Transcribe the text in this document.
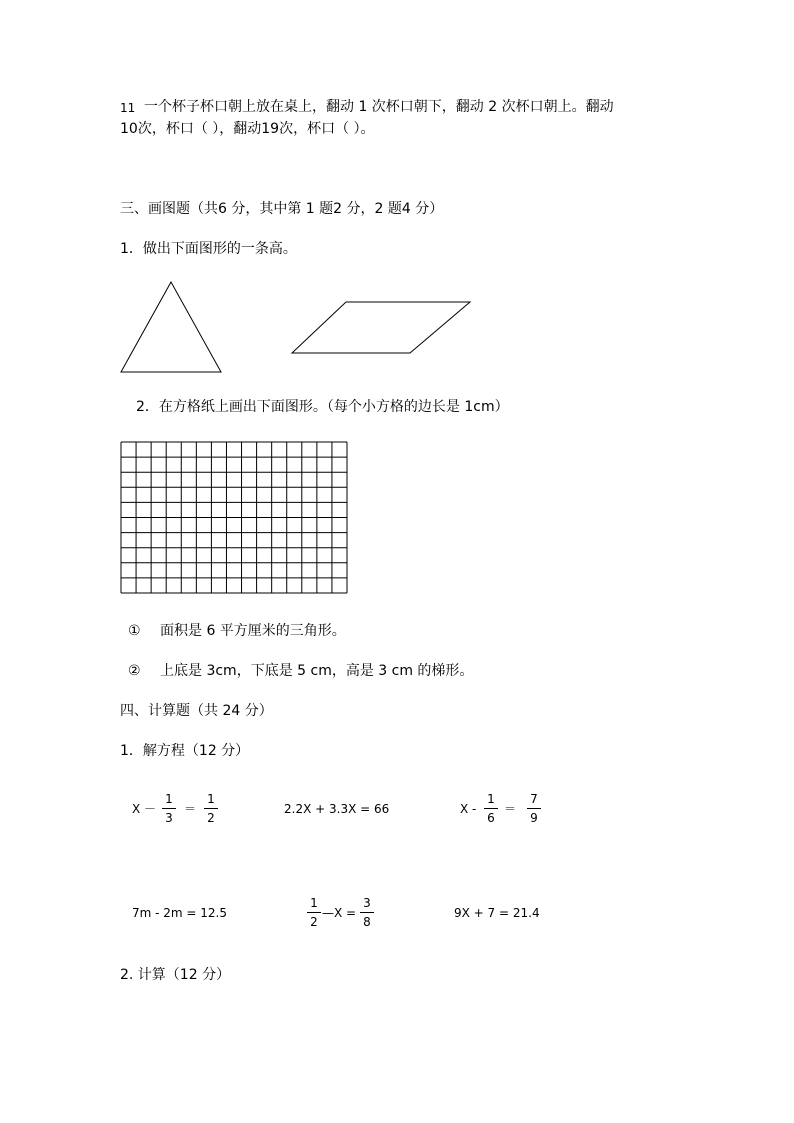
11 一个杯子杯口朝上放在桌上，翻动 1 次杯口朝下，翻动 2 次杯口朝上。翻动
10次，杯口（ ），翻动19次，杯口（ ）。
三、画图题（共6 分，其中第 1 题2 分，2 题4 分）
1．做出下面图形的一条高。
2．在方格纸上画出下面图形。（每个小方格的边长是 1cm）
① 面积是 6 平方厘米的三角形。
② 上底是 3cm，下底是 5 cm，高是 3 cm 的梯形。
四、计算题（共 24 分）
1．解方程（12 分）
X －
1
3
＝
1
2
2.2X + 3.3X = 66	X -
1
6
＝
7
9
7m - 2m = 12.5
1
2
—X =
3
8
9X + 7 = 21.4
2. 计算（12 分）
